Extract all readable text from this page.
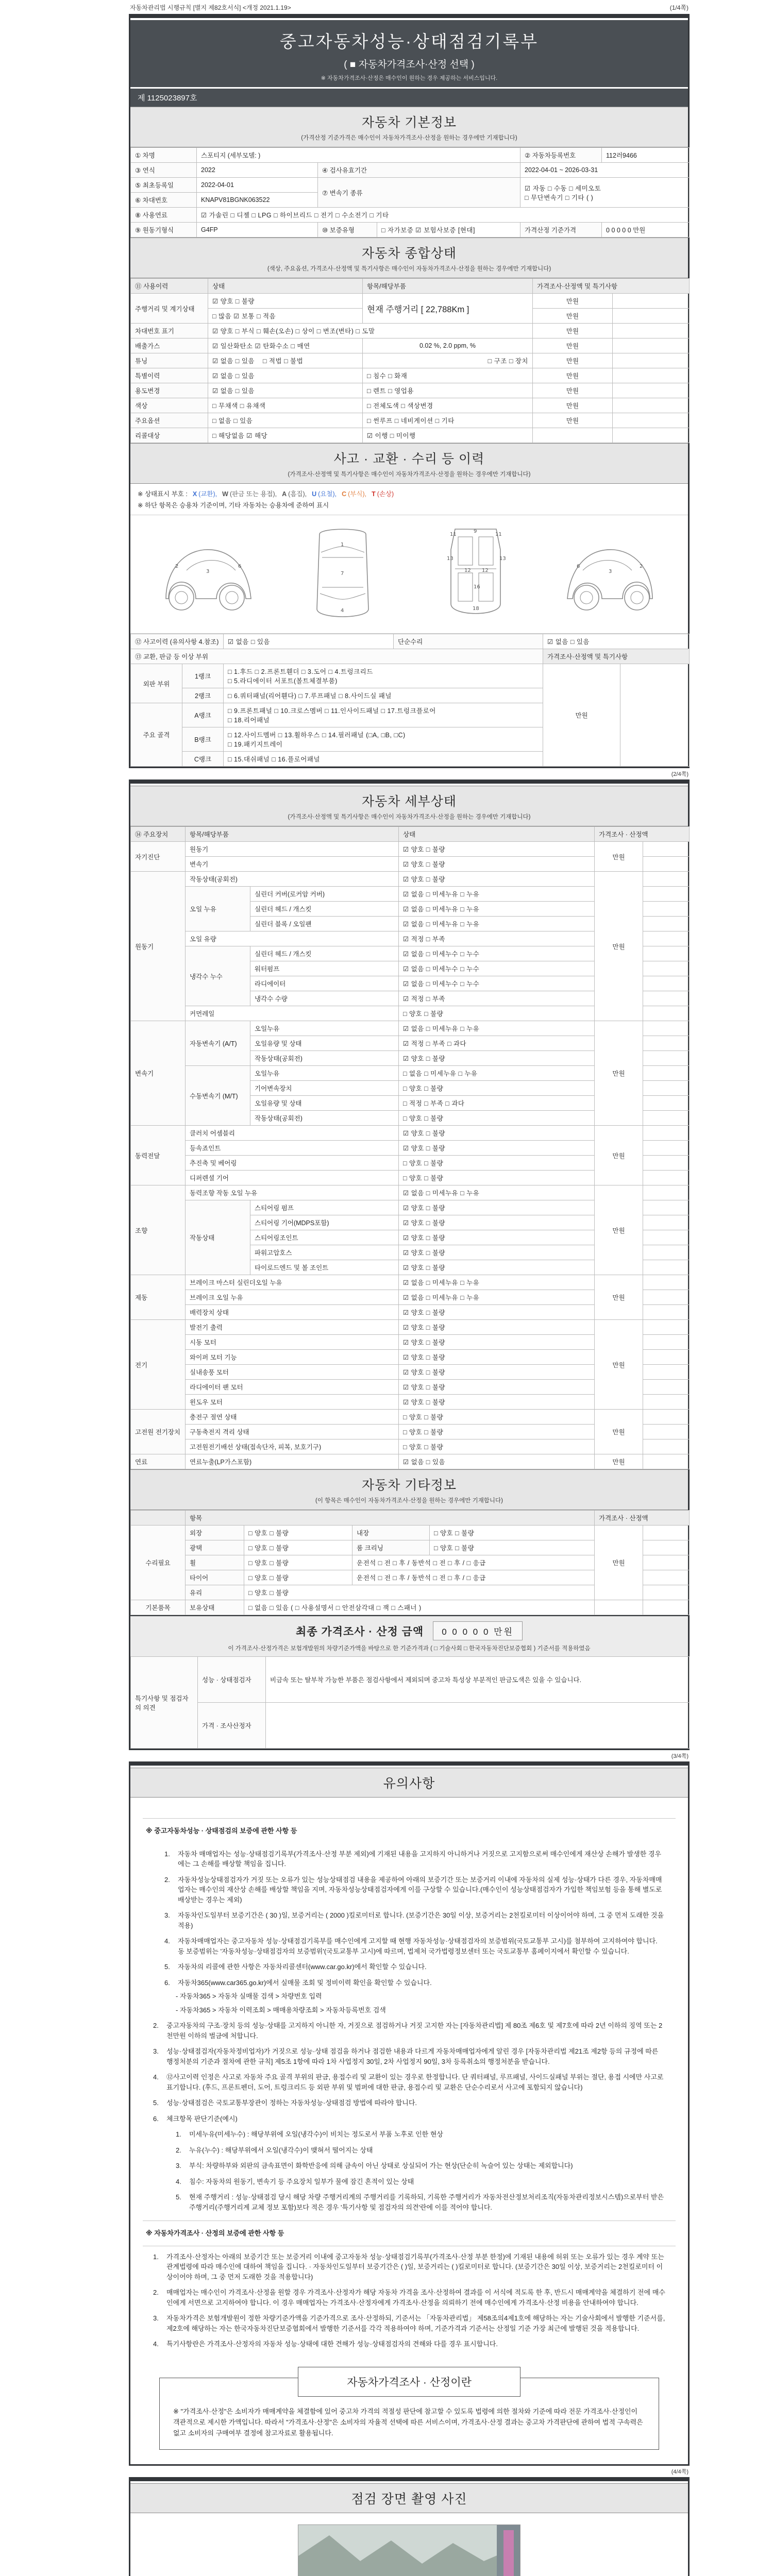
자동차관리법 시행규칙 [별지 제82호서식] <개정 2021.1.19>	(1/4쪽)
중고자동차성능·상태점검기록부
( ■ 자동차가격조사·산정 선택 )
※ 자동차가격조사·산정은 매수인이 원하는 경우 제공하는 서비스입니다.
제 1125023897호
자동차 기본정보
(가격산정 기준가격은 매수인이 자동차가격조사·산정을 원하는 경우에만 기재합니다)
① 차명	스포티지 (세부모델: )			② 자동차등록번호	112러9466
③ 연식	2022	④ 검사유효기간		2022-04-01 ~ 2026-03-31	
⑤ 최초등록일	2022-04-01	⑦ 변속기 종류		☑ 자동 □ 수동 □ 세미오토
□ 무단변속기 □ 기타 ( )	

⑥ 차대번호	KNAPV81BGNK063522				
⑧ 사용연료	☑ 가솔린 □ 디젤 □ LPG □ 하이브리드 □ 전기 □ 수소전기 □ 기타				
⑨ 원동기형식	G4FP	⑩ 보증유형	□ 자가보증 ☑ 보험사보증 [현대]	가격산정 기준가격	0 0 0 0 0 만원
자동차 종합상태
(색상, 주요옵션, 가격조사·산정액 및 특기사항은 매수인이 자동차가격조사·산정을 원하는 경우에만 기재합니다)
⑪ 사용이력	상태	항목/해당부품	가격조사·산정액 및 특기사항	
주행거리 및 계기상태	☑ 양호 □ 불량	현재 주행거리 [ 22,788Km ]	만원	
	□ 많음 ☑ 보통 □ 적음		만원	
차대번호 표기	☑ 양호 □ 부식 □ 훼손(오손) □ 상이 □ 변조(변타) □ 도말		만원	
배출가스	☑ 일산화탄소 ☑ 탄화수소 □ 매연	0.02 %, 2.0 ppm, %	만원	
튜닝	☑ 없음 □ 있음 □ 적법 □ 불법	□ 구조 □ 장치	만원	
특별이력	☑ 없음 □ 있음	□ 침수 □ 화재	만원	
용도변경	☑ 없음 □ 있음	□ 렌트 □ 영업용	만원	
색상	□ 무채색 □ 유채색	□ 전체도색 □ 색상변경	만원	
주요옵션	□ 없음 □ 있음	□ 썬루프 □ 네비게이션 □ 기타	만원	
리콜대상	□ 해당없음 ☑ 해당	☑ 이행 □ 미이행		
사고 · 교환 · 수리 등 이력
(가격조사·산정액 및 특기사항은 매수인이 자동차가격조사·산정을 원하는 경우에만 기재합니다)
※ 상태표시 부호 : X (교환), W (판금 또는 용접), A (흠집), U (요철), C (부식), T (손상)
※ 하단 항목은 승용차 기준이며, 기타 자동차는 승용차에 준하여 표시
2
3
6
1
7
4
11	11
13	13
12 12
9
16
18
2
3
6
⑫ 사고이력 (유의사항 4.참조)		☑ 없음 □ 있음	단순수리	☑ 없음 □ 있음	
⑬ 교환, 판금 등 이상 부위				가격조사·산정액 및 특기사항	
외판 부위	1랭크	□ 1.후드 □ 2.프론트휀더 □ 3.도어 □ 4.트렁크리드
□ 5.라디에이터 서포트(볼트체결부품)		만원	
	2랭크	□ 6.쿼터패널(리어휀다) □ 7.루프패널 □ 8.사이드실 패널			
주요 골격	A랭크	□ 9.프론트패널 □ 10.크로스멤버 □ 11.인사이드패널 □ 17.트렁크플로어
□ 18.리어패널			

	B랭크	□ 12.사이드멤버 □ 13.휠하우스 □ 14.필러패널 (□A, □B, □C)
□ 19.패키지트레이			

	C랭크	□ 15.대쉬패널 □ 16.플로어패널			
(2/4쪽)
자동차 세부상태
(가격조사·산정액 및 특기사항은 매수인이 자동차가격조사·산정을 원하는 경우에만 기재합니다)
⑭ 주요장치	항목/해당부품		상태	가격조사 · 산정액	
자기진단	원동기		☑ 양호 □ 불량	만원	
	변속기		☑ 양호 □ 불량		
원동기	작동상태(공회전)		☑ 양호 □ 불량	만원	
	오일 누유	실린더 커버(로커암 커버)	☑ 없음 □ 미세누유 □ 누유		
		실린더 헤드 / 개스킷	☑ 없음 □ 미세누유 □ 누유		
		실린더 블록 / 오일팬	☑ 없음 □ 미세누유 □ 누유		
	오일 유량		☑ 적정 □ 부족		
	냉각수 누수	실린더 헤드 / 개스킷	☑ 없음 □ 미세누수 □ 누수		
		워터펌프	☑ 없음 □ 미세누수 □ 누수		
		라디에이터	☑ 없음 □ 미세누수 □ 누수		
		냉각수 수량	☑ 적정 □ 부족		
	커먼레일		□ 양호 □ 불량		
변속기	자동변속기 (A/T)	오일누유	☑ 없음 □ 미세누유 □ 누유	만원	
		오일유량 및 상태	☑ 적정 □ 부족 □ 과다		
		작동상태(공회전)	☑ 양호 □ 불량		
	수동변속기 (M/T)	오일누유	□ 없음 □ 미세누유 □ 누유		
		기어변속장치	□ 양호 □ 불량		
		오일유량 및 상태	□ 적정 □ 부족 □ 과다		
		작동상태(공회전)	□ 양호 □ 불량		
동력전달	클러치 어셈블리		☑ 양호 □ 불량	만원	
	등속죠인트		☑ 양호 □ 불량		
	추진축 및 베어링		□ 양호 □ 불량		
	디퍼렌셜 기어		□ 양호 □ 불량		
조향	동력조향 작동 오일 누유		☑ 없음 □ 미세누유 □ 누유	만원	
	작동상태	스티어링 펌프	☑ 양호 □ 불량		
		스티어링 기어(MDPS포함)	☑ 양호 □ 불량		
		스티어링조인트	☑ 양호 □ 불량		
		파워고압호스	☑ 양호 □ 불량		
		타이로드엔드 및 볼 조인트	☑ 양호 □ 불량		
제동	브레이크 마스터 실린더오일 누유		☑ 없음 □ 미세누유 □ 누유	만원	
	브레이크 오일 누유		☑ 없음 □ 미세누유 □ 누유		
	배력장치 상태		☑ 양호 □ 불량		
전기	발전기 출력		☑ 양호 □ 불량	만원	
	시동 모터		☑ 양호 □ 불량		
	와이퍼 모터 기능		☑ 양호 □ 불량		
	실내송풍 모터		☑ 양호 □ 불량		
	라디에이터 팬 모터		☑ 양호 □ 불량		
	윈도우 모터		☑ 양호 □ 불량		
고전원 전기장치	충전구 절연 상태		□ 양호 □ 불량	만원	
	구동축전지 격리 상태		□ 양호 □ 불량		
	고전원전기배선 상태(접속단자, 피복, 보호기구)		□ 양호 □ 불량		
연료	연료누출(LP가스포함)		☑ 없음 □ 있음	만원	
자동차 기타정보
(이 항목은 매수인이 자동차가격조사·산정을 원하는 경우에만 기재합니다)
	항목				가격조사 · 산정액	
수리필요	외장	□ 양호 □ 불량	내장	□ 양호 □ 불량	만원	
	광택	□ 양호 □ 불량	룸 크리닝	□ 양호 □ 불량		
	휠	□ 양호 □ 불량	운전석 □ 전 □ 후 / 동반석 □ 전 □ 후 / □ 응급			
	타이어	□ 양호 □ 불량	운전석 □ 전 □ 후 / 동반석 □ 전 □ 후 / □ 응급			
	유리	□ 양호 □ 불량				
기본품목	보유상태	□ 없음 □ 있음 ( □ 사용설명서 □ 안전삼각대 □ 잭 □ 스패너 )				
최종 가격조사 · 산정 금액	0 0 0 0 0 만원
이 가격조사·산정가격은 보험개발원의 차량기준가액을 바탕으로 한 기준가격과 ( □ 기술사회 □ 한국자동차진단보증협회 ) 기준서를 적용하였음
특기사항 및 점검자의 의견	성능 · 상태점검자	비금속 또는 탈부착 가능한 부품은 점검사항에서 제외되며 중고차 특성상 부분적인 판금도색은 있을 수 있습니다.
	가격 · 조사산정자	
(3/4쪽)
유의사항
※ 중고자동차성능 · 상태점검의 보증에 관한 사항 등
1.	자동차 매매업자는 성능·상태점검기록부(가격조사·산정 부분 제외)에 기재된 내용을 고지하지 아니하거나 거짓으로 고지함으로써 매수인에게 재산상 손해가 발생한 경우에는 그 손해를 배상할 책임을 집니다.
2.	자동차성능상태점검자가 거짓 또는 오류가 있는 성능상태점검 내용을 제공하여 아래의 보증기간 또는 보증거리 이내에 자동차의 실제 성능·상태가 다른 경우, 자동차매매업자는 매수인의 재산상 손해를 배상할 책임을 지며, 자동차성능상태점검자에게 이를 구상할 수 있습니다.(매수인이 성능상태점검자가 가입한 책임보험 등을 통해 별도로 배상받는 경우는 제외)
3.	자동차인도일부터 보증기간은 ( 30 )일, 보증거리는 ( 2000 )킬로미터로 합니다. (보증기간은 30일 이상, 보증거리는 2천킬로미터 이상이어야 하며, 그 중 먼저 도래한 것을 적용)
4.	자동차매매업자는 중고자동차 성능·상태점검기록부를 매수인에게 고지할 때 현행 자동차성능·상태점검자의 보증범위(국토교통부 고시)를 첨부하여 고지하여야 합니다. 동 보증범위는 '자동차성능·상태점검자의 보증범위'(국토교통부 고시)에 따르며, 법제처 국가법령정보센터 또는 국토교통부 홈페이지에서 확인할 수 있습니다.
5.	자동차의 리콜에 관한 사항은 자동차리콜센터(www.car.go.kr)에서 확인할 수 있습니다.
6.	자동차365(www.car365.go.kr)에서 실매물 조회 및 정비이력 확인을 확인할 수 있습니다.
- 자동차365 > 자동차 실매물 검색 > 차량번호 입력
- 자동차365 > 자동차 이력조회 > 매매용차량조회 > 자동차등록번호 검색
2.	중고자동차의 구조·장치 등의 성능·상태를 고지하지 아니한 자, 거짓으로 점검하거나 거짓 고지한 자는 [자동차관리법] 제 80조 제6호 및 제7호에 따라 2년 이하의 징역 또는 2천만원 이하의 벌금에 처합니다.
3.	성능·상태점검자(자동차정비업자)가 거짓으로 성능·상태 점검을 하거나 점검한 내용과 다르게 자동차매매업자에게 알린 경우 [자동차관리법 제21조 제2항 등의 규정에 따른 행정처분의 기준과 절차에 관한 규칙] 제5조 1항에 따라 1차 사업정지 30일, 2차 사업정지 90일, 3차 등록취소의 행정처분을 받습니다.
4.	⑫사고이력 인정은 사고로 자동차 주요 골격 부위의 판금, 용접수리 및 교환이 있는 경우로 한정합니다. 단 쿼터패널, 루프패널, 사이드실패널 부위는 절단, 용접 시에만 사고로 표기합니다. (후드, 프론트펜더, 도어, 트렁크리드 등 외판 부위 및 범퍼에 대한 판금, 용접수리 및 교환은 단순수리로서 사고에 포함되지 않습니다)
5.	성능·상태점검은 국토교통부장관이 정하는 자동차성능·상태점검 방법에 따라야 합니다.
6.	체크항목 판단기준(예시)
1.	미세누유(미세누수) : 해당부위에 오일(냉각수)이 비치는 정도로서 부품 노후로 인한 현상
2.	누유(누수) : 해당부위에서 오일(냉각수)이 맺혀서 떨어지는 상태
3.	부식: 차량하부와 외판의 금속표면이 화학반응에 의해 금속이 아닌 상태로 상실되어 가는 현상(단순히 녹슬어 있는 상태는 제외합니다)
4.	침수: 자동차의 원동기, 변속기 등 주요장치 일부가 물에 잠긴 흔적이 있는 상태
5.	현재 주행거리 : 성능·상태점검 당시 해당 차량 주행거리계의 주행거리를 기록하되, 기록한 주행거리가 자동차전산정보처리조직(자동차관리정보시스템)으로부터 받은 주행거리(주행거리계 교체 정보 포함)보다 적은 경우 '특기사항 및 점검자의 의견'란에 이를 적어야 합니다.
※ 자동차가격조사 · 산정의 보증에 관한 사항 등
1.	가격조사·산정자는 아래의 보증기간 또는 보증거리 이내에 중고자동차 성능·상태점검기록부(가격조사·산정 부분 한정)에 기재된 내용에 허위 또는 오류가 있는 경우 계약 또는 관계법령에 따라 매수인에 대하여 책임을 집니다. · 자동차인도일부터 보증기간은 ( )일, 보증거리는 ( )킬로미터로 합니다. (보증기간은 30일 이상, 보증거리는 2천킬로미터 이상이어야 하며, 그 중 먼저 도래한 것을 적용합니다)
2.	매매업자는 매수인이 가격조사·산정을 원할 경우 가격조사·산정자가 해당 자동차 가격을 조사·산정하여 결과를 이 서식에 적도록 한 후, 반드시 매매계약을 체결하기 전에 매수인에게 서면으로 고지하여야 합니다. 이 경우 매매업자는 가격조사·산정자에게 가격조사·산정을 의뢰하기 전에 매수인에게 가격조사·산정 비용을 안내하여야 합니다.
3.	자동차가격은 보험개발원이 정한 차량기준가액을 기준가격으로 조사·산정하되, 기준서는 「자동차관리법」 제58조의4제1호에 해당하는 자는 기술사회에서 발행한 기준서를, 제2호에 해당하는 자는 한국자동차진단보증협회에서 발행한 기준서를 각각 적용하여야 하며, 기준가격과 기준서는 산정일 기준 가장 최근에 발행된 것을 적용합니다.
4.	특기사항란은 가격조사·산정자의 자동차 성능·상태에 대한 견해가 성능·상태점검자의 견해와 다를 경우 표시합니다.
자동차가격조사 · 산정이란
※ "가격조사·산정"은 소비자가 매매계약을 체결함에 있어 중고차 가격의 적절성 판단에 참고할 수 있도록 법령에 의한 절차와 기준에 따라 전문 가격조사·산정인이 객관적으로 제시한 가액입니다. 따라서 "가격조사·산정"은 소비자의 자율적 선택에 따른 서비스이며, 가격조사·산정 결과는 중고차 가격판단에 관하여 법적 구속력은 없고 소비자의 구매여부 결정에 참고자료로 활용됩니다.
(4/4쪽)
점검 장면 촬영 사진
